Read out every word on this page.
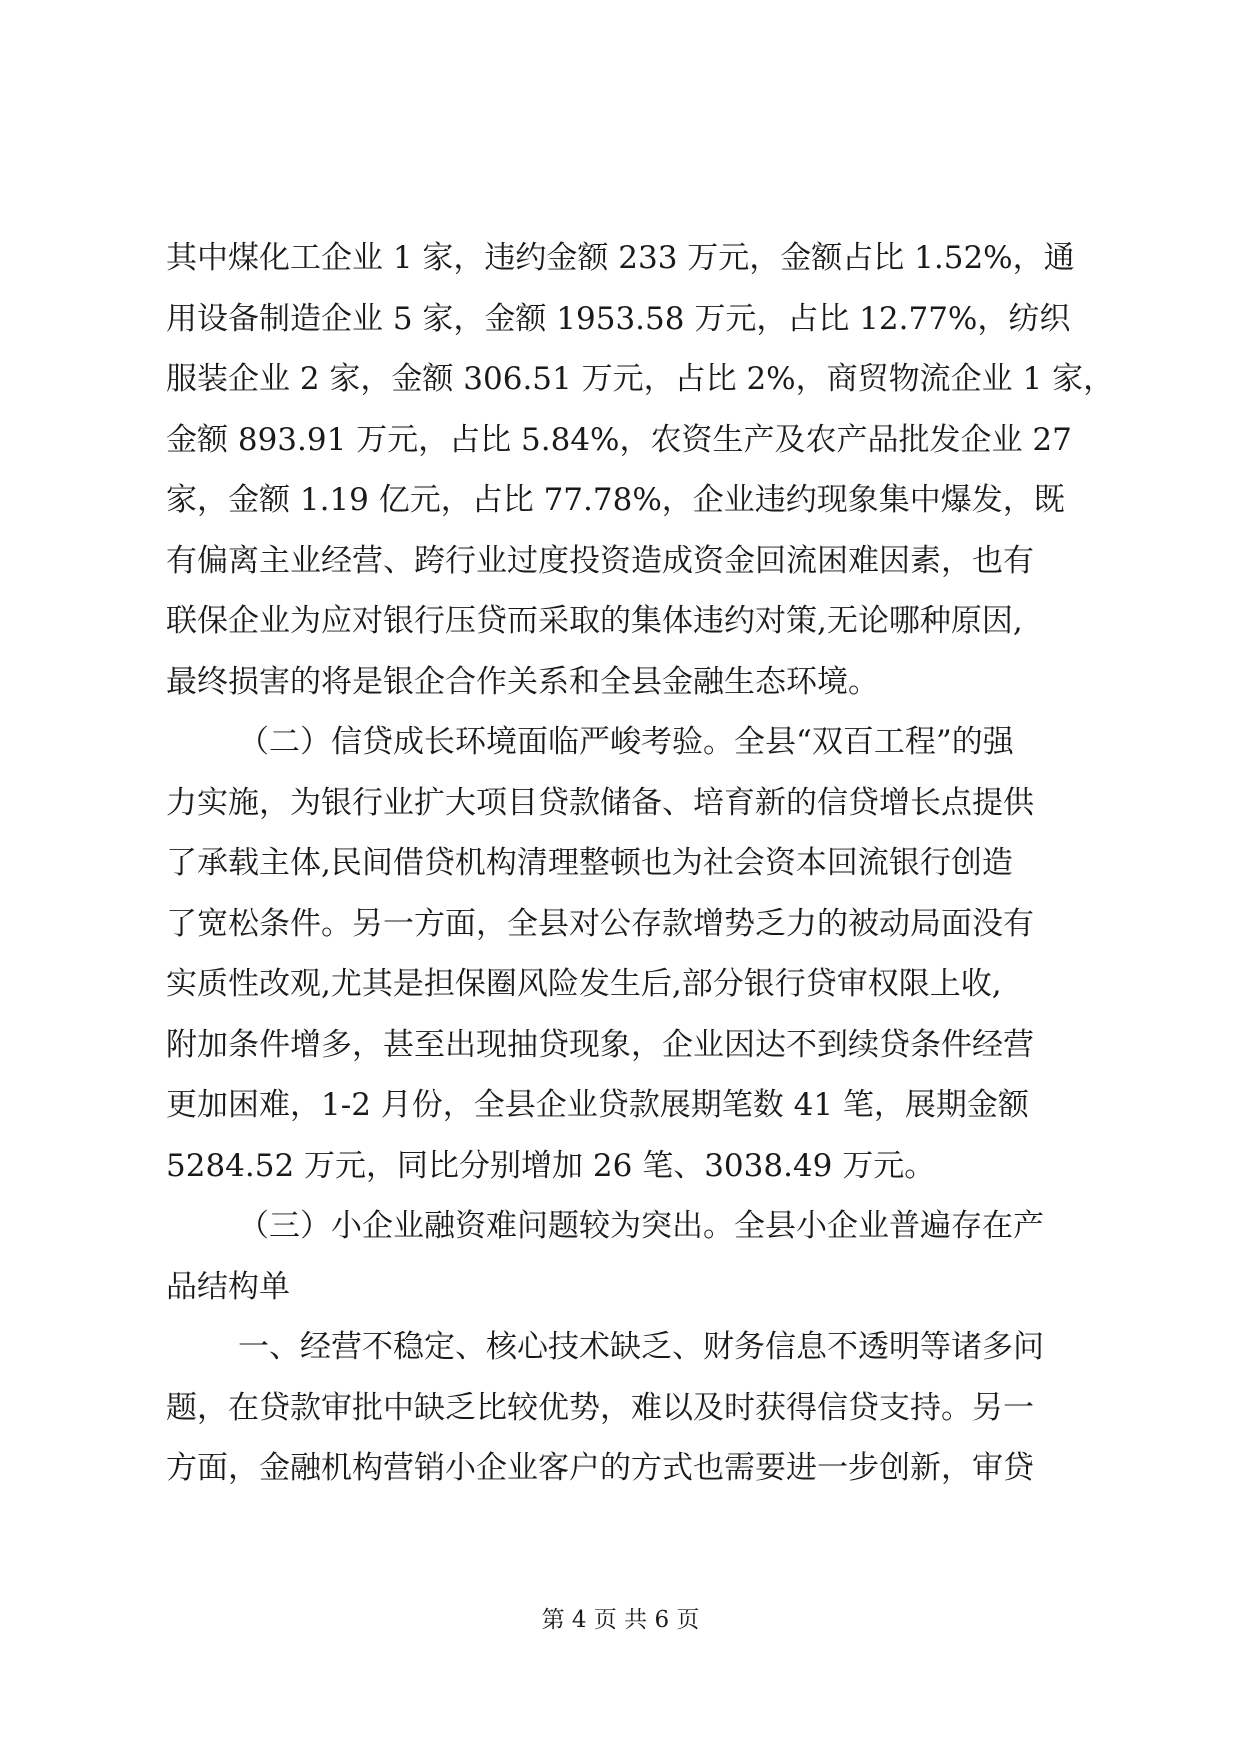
其中煤化工企业 1 家，违约金额 233 万元，金额占比 1.52%，通
用设备制造企业 5 家，金额 1953.58 万元，占比 12.77%，纺织
服装企业 2 家，金额 306.51 万元，占比 2%，商贸物流企业 1 家，
金额 893.91 万元，占比 5.84%，农资生产及农产品批发企业 27
家，金额 1.19 亿元，占比 77.78%，企业违约现象集中爆发，既
有偏离主业经营、跨行业过度投资造成资金回流困难因素，也有
联保企业为应对银行压贷而采取的集体违约对策,无论哪种原因,
最终损害的将是银企合作关系和全县金融生态环境。
（二）信贷成长环境面临严峻考验。全县“双百工程”的强
力实施，为银行业扩大项目贷款储备、培育新的信贷增长点提供
了承载主体,民间借贷机构清理整顿也为社会资本回流银行创造
了宽松条件。另一方面，全县对公存款增势乏力的被动局面没有
实质性改观,尤其是担保圈风险发生后,部分银行贷审权限上收,
附加条件增多，甚至出现抽贷现象，企业因达不到续贷条件经营
更加困难，1-2 月份，全县企业贷款展期笔数 41 笔，展期金额
5284.52 万元，同比分别增加 26 笔、3038.49 万元。
（三）小企业融资难问题较为突出。全县小企业普遍存在产
品结构单
一、经营不稳定、核心技术缺乏、财务信息不透明等诸多问
题，在贷款审批中缺乏比较优势，难以及时获得信贷支持。另一
方面，金融机构营销小企业客户的方式也需要进一步创新，审贷
第 4 页 共 6 页
